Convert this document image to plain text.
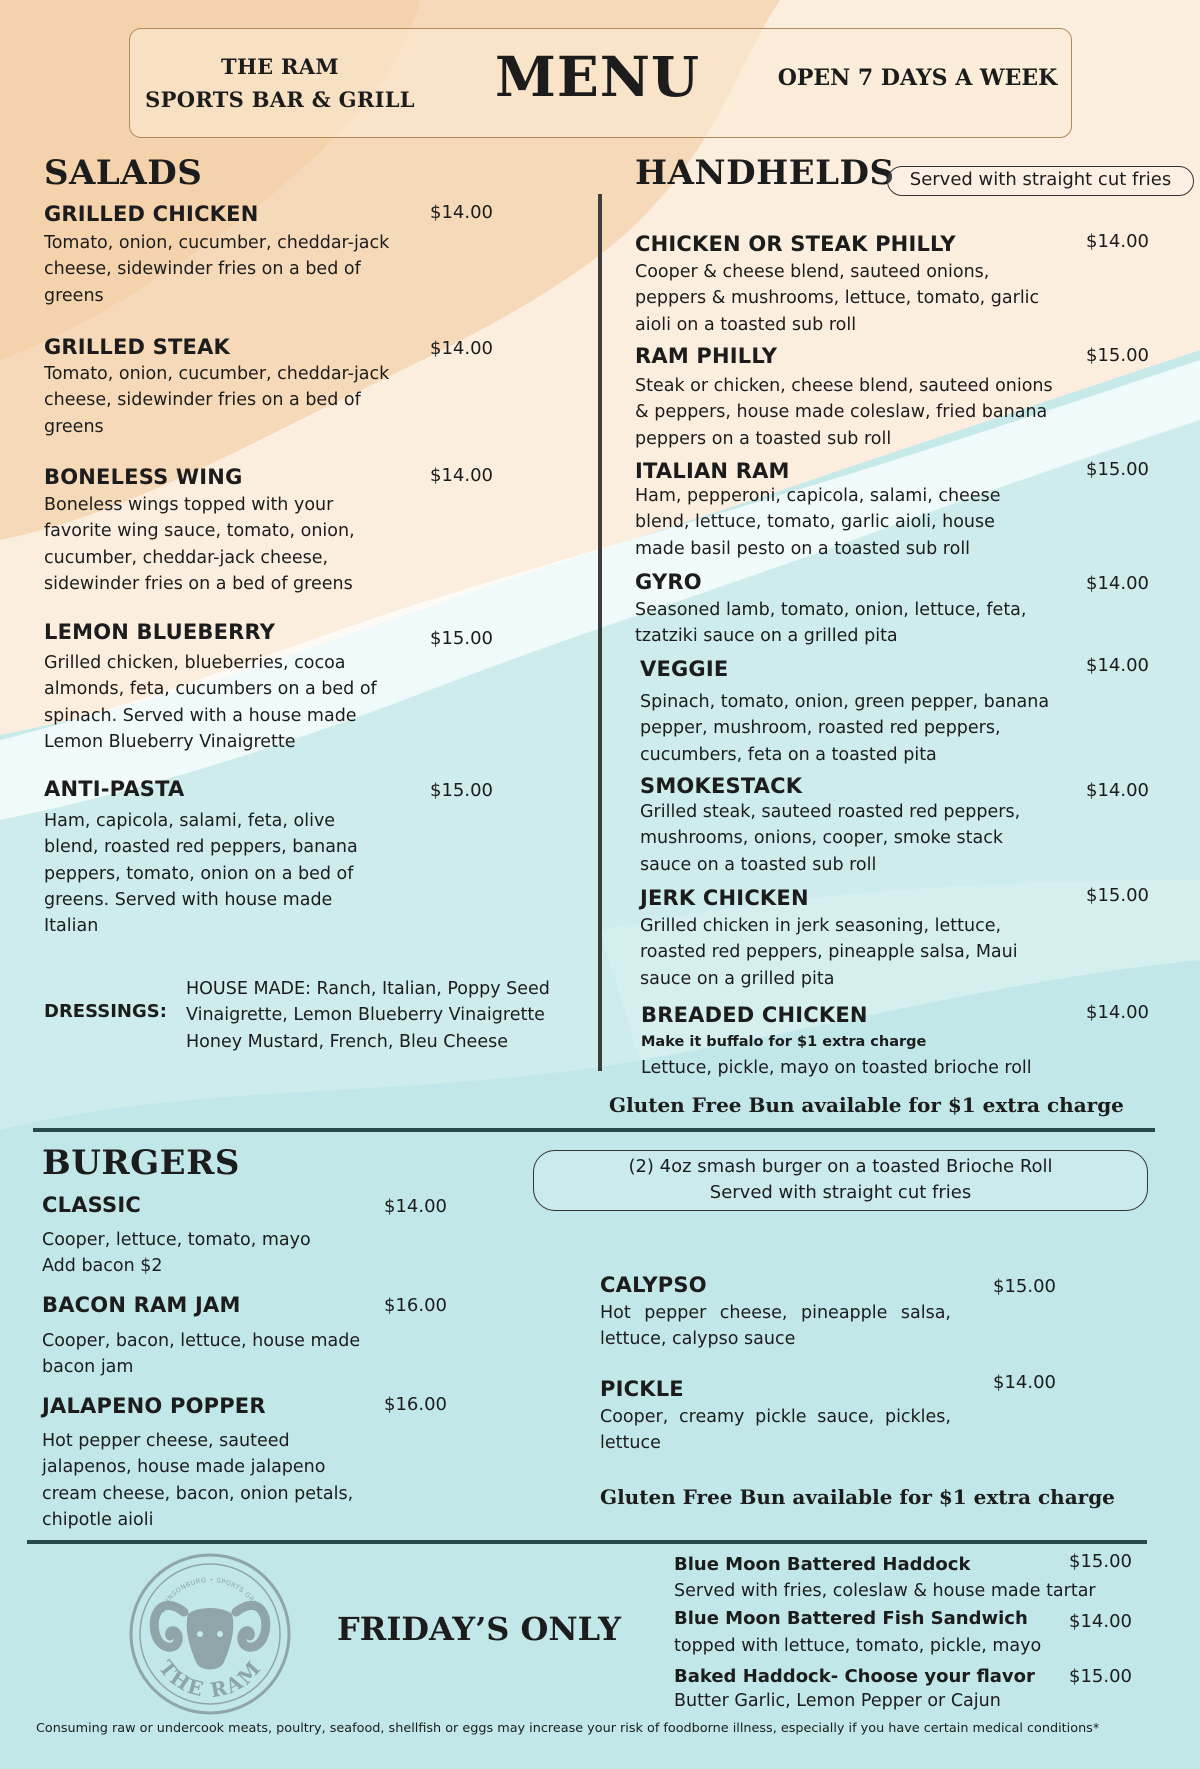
THE RAM
SPORTS BAR & GRILL MENU	OPEN 7 DAYS A WEEK
SALADS
GRILLED CHICKEN	$14.00
Tomato, onion, cucumber, cheddar-jack cheese, sidewinder fries on a bed of greens
GRILLED STEAK	$14.00
Tomato, onion, cucumber, cheddar-jack cheese, sidewinder fries on a bed of greens
BONELESS WING	$14.00
Boneless wings topped with your favorite wing sauce, tomato, onion, cucumber, cheddar-jack cheese, sidewinder fries on a bed of greens
LEMON BLUEBERRY	$15.00
Grilled chicken, blueberries, cocoa almonds, feta, cucumbers on a bed of spinach. Served with a house made Lemon Blueberry Vinaigrette
ANTI-PASTA	$15.00
Ham, capicola, salami, feta, olive blend, roasted red peppers, banana peppers, tomato, onion on a bed of greens. Served with house made Italian
DRESSINGS:
HOUSE MADE: Ranch, Italian, Poppy Seed Vinaigrette, Lemon Blueberry Vinaigrette Honey Mustard, French, Bleu Cheese
HANDHELDS Served with straight cut fries
CHICKEN OR STEAK PHILLY	$14.00
Cooper & cheese blend, sauteed onions, peppers & mushrooms, lettuce, tomato, garlic aioli on a toasted sub roll
RAM PHILLY	$15.00
Steak or chicken, cheese blend, sauteed onions & peppers, house made coleslaw, fried banana peppers on a toasted sub roll
ITALIAN RAM	$15.00
Ham, pepperoni, capicola, salami, cheese blend, lettuce, tomato, garlic aioli, house made basil pesto on a toasted sub roll
GYRO	$14.00
Seasoned lamb, tomato, onion, lettuce, feta, tzatziki sauce on a grilled pita
VEGGIE	$14.00
Spinach, tomato, onion, green pepper, banana pepper, mushroom, roasted red peppers, cucumbers, feta on a toasted pita
SMOKESTACK	$14.00
Grilled steak, sauteed roasted red peppers, mushrooms, onions, cooper, smoke stack sauce on a toasted sub roll
JERK CHICKEN	$15.00
Grilled chicken in jerk seasoning, lettuce, roasted red peppers, pineapple salsa, Maui sauce on a grilled pita
BREADED CHICKEN	$14.00
Make it buffalo for $1 extra charge
Lettuce, pickle, mayo on toasted brioche roll
Gluten Free Bun available for $1 extra charge
BURGERS	(2) 4oz smash burger on a toasted Brioche Roll
Served with straight cut fries
CLASSIC	$14.00
Cooper, lettuce, tomato, mayo
Add bacon $2
BACON RAM JAM	$16.00
Cooper, bacon, lettuce, house made bacon jam
JALAPENO POPPER	$16.00
Hot pepper cheese, sauteed jalapenos, house made jalapeno cream cheese, bacon, onion petals, chipotle aioli
CALYPSO	$15.00
Hot pepper cheese, pineapple salsa, lettuce, calypso sauce
PICKLE	$14.00
Cooper, creamy pickle sauce, pickles, lettuce
Gluten Free Bun available for $1 extra charge
JOHNSONBURG • SPORTS GRILL
THE RAM
FRIDAY’S ONLY
Blue Moon Battered Haddock	$15.00
Served with fries, coleslaw & house made tartar
Blue Moon Battered Fish Sandwich $14.00
topped with lettuce, tomato, pickle, mayo
Baked Haddock- Choose your flavor $15.00
Butter Garlic, Lemon Pepper or Cajun
Consuming raw or undercook meats, poultry, seafood, shellfish or eggs may increase your risk of foodborne illness, especially if you have certain medical conditions*
